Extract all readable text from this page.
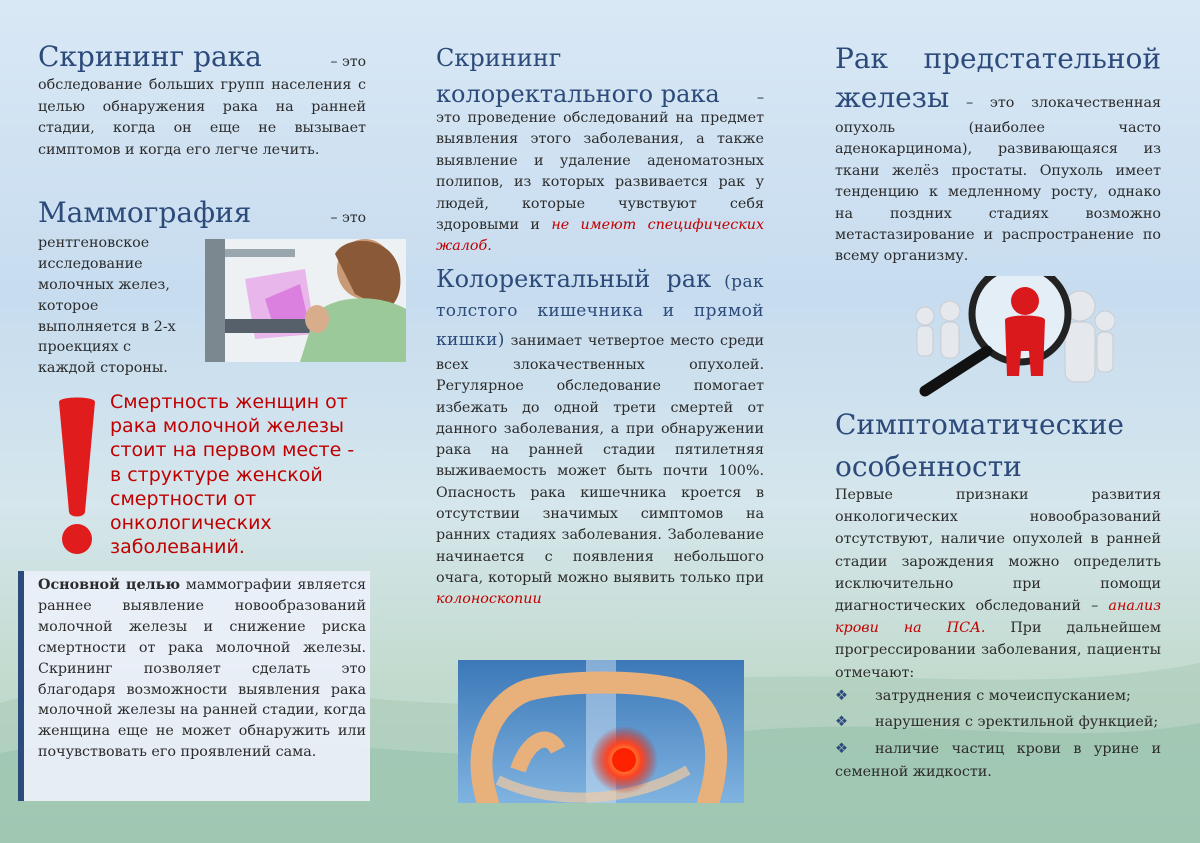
Скрининг рака	– это
обследование больших групп населения с целью обнаружения рака на ранней стадии, когда он еще не вызывает симптомов и когда его легче лечить.
Маммография	– это
рентгеновское исследование молочных желез, которое выполняется в 2-х проекциях с каждой стороны.
Смертность женщин от рака молочной железы стоит на первом месте - в структуре женской смертности от онкологических заболеваний.
Основной целью маммографии является раннее выявление новообразований молочной железы и снижение риска смертности от рака молочной железы. Скрининг позволяет сделать это благодаря возможности выявления рака молочной железы на ранней стадии, когда женщина еще не может обнаружить или почувствовать его проявлений сама.
Скрининг
колоректального рака	–
это проведение обследований на предмет выявления этого заболевания, а также выявление и удаление аденоматозных полипов, из которых развивается рак у людей, которые чувствуют себя здоровыми и не имеют специфических жалоб.
Колоректальный рак (рак толстого кишечника и прямой кишки) занимает четвертое место среди всех злокачественных опухолей. Регулярное обследование помогает избежать до одной трети смертей от данного заболевания, а при обнаружении рака на ранней стадии пятилетняя выживаемость может быть почти 100%. Опасность рака кишечника кроется в отсутствии значимых симптомов на ранних стадиях заболевания. Заболевание начинается с появления небольшого очага, который можно выявить только при колоноскопии
Рак предстательной
железы – это злокачественная опухоль (наиболее часто аденокарцинома), развивающаяся из ткани желёз простаты. Опухоль имеет тенденцию к медленному росту, однако на поздних стадиях возможно метастазирование и распространение по всему организму.
Симптоматические
особенности
Первые признаки развития онкологических новообразований отсутствуют, наличие опухолей в ранней стадии зарождения можно определить исключительно при помощи диагностических обследований – анализ крови на ПСА. При дальнейшем прогрессировании заболевания, пациенты отмечают:
❖ затруднения с мочеиспусканием;
❖ нарушения с эректильной функцией;
❖ наличие частиц крови в урине и семенной жидкости.
